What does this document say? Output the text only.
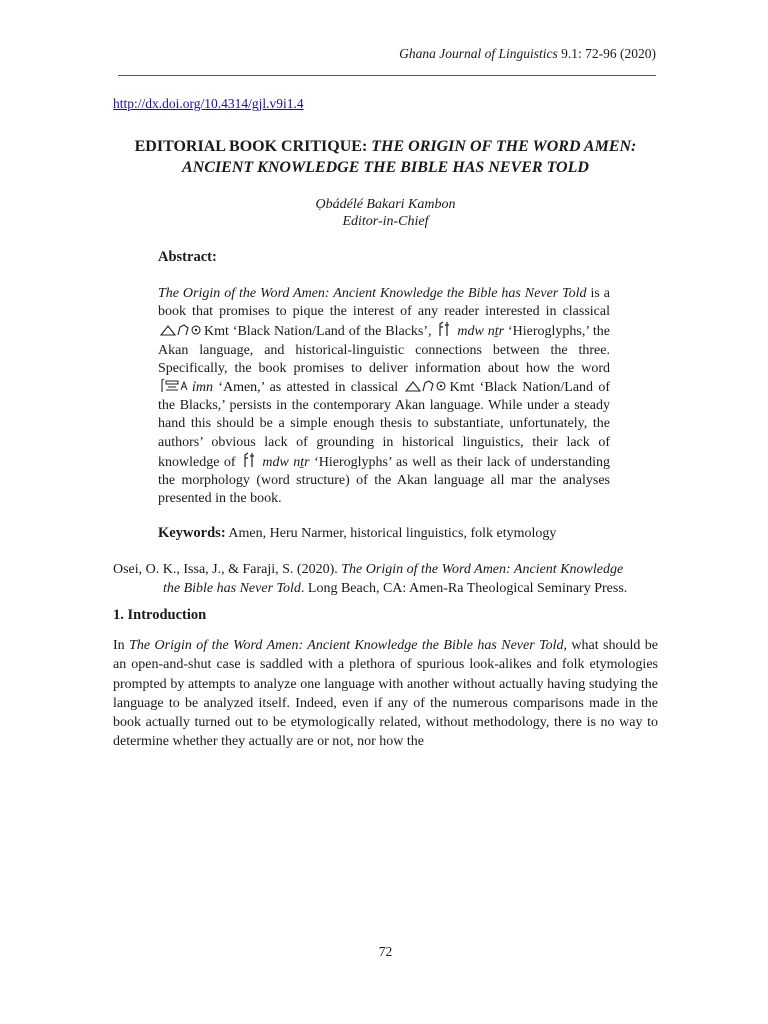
Ghana Journal of Linguistics 9.1: 72-96 (2020)
http://dx.doi.org/10.4314/gjl.v9i1.4
EDITORIAL BOOK CRITIQUE: THE ORIGIN OF THE WORD AMEN: ANCIENT KNOWLEDGE THE BIBLE HAS NEVER TOLD
Ọbádélé Bakari Kambon
Editor-in-Chief
Abstract:
The Origin of the Word Amen: Ancient Knowledge the Bible has Never Told is a book that promises to pique the interest of any reader interested in classical Kmt ‘Black Nation/Land of the Blacks’,  mdw nṯr ‘Hieroglyphs,’ the Akan language, and historical-linguistic connections between the three. Specifically, the book promises to deliver information about how the word ỉmn ‘Amen,’ as attested in classical	Kmt ‘Black Nation/Land of the Blacks,’ persists in the contemporary Akan language. While under a steady hand this should be a simple enough thesis to substantiate, unfortunately, the authors’ obvious lack of grounding in historical linguistics, their lack of knowledge of  mdw nṯr ‘Hieroglyphs’ as well as their lack of understanding the morphology (word structure) of the Akan language all mar the analyses presented in the book.
Keywords: Amen, Heru Narmer, historical linguistics, folk etymology
Osei, O. K., Issa, J., & Faraji, S. (2020). The Origin of the Word Amen: Ancient Knowledge
the Bible has Never Told. Long Beach, CA: Amen-Ra Theological Seminary Press.
1. Introduction
In The Origin of the Word Amen: Ancient Knowledge the Bible has Never Told, what should be an open-and-shut case is saddled with a plethora of spurious look-alikes and folk etymologies prompted by attempts to analyze one language with another without actually having studying the language to be analyzed itself. Indeed, even if any of the numerous comparisons made in the book actually turned out to be etymologically related, without methodology, there is no way to determine whether they actually are or not, nor how the
72
